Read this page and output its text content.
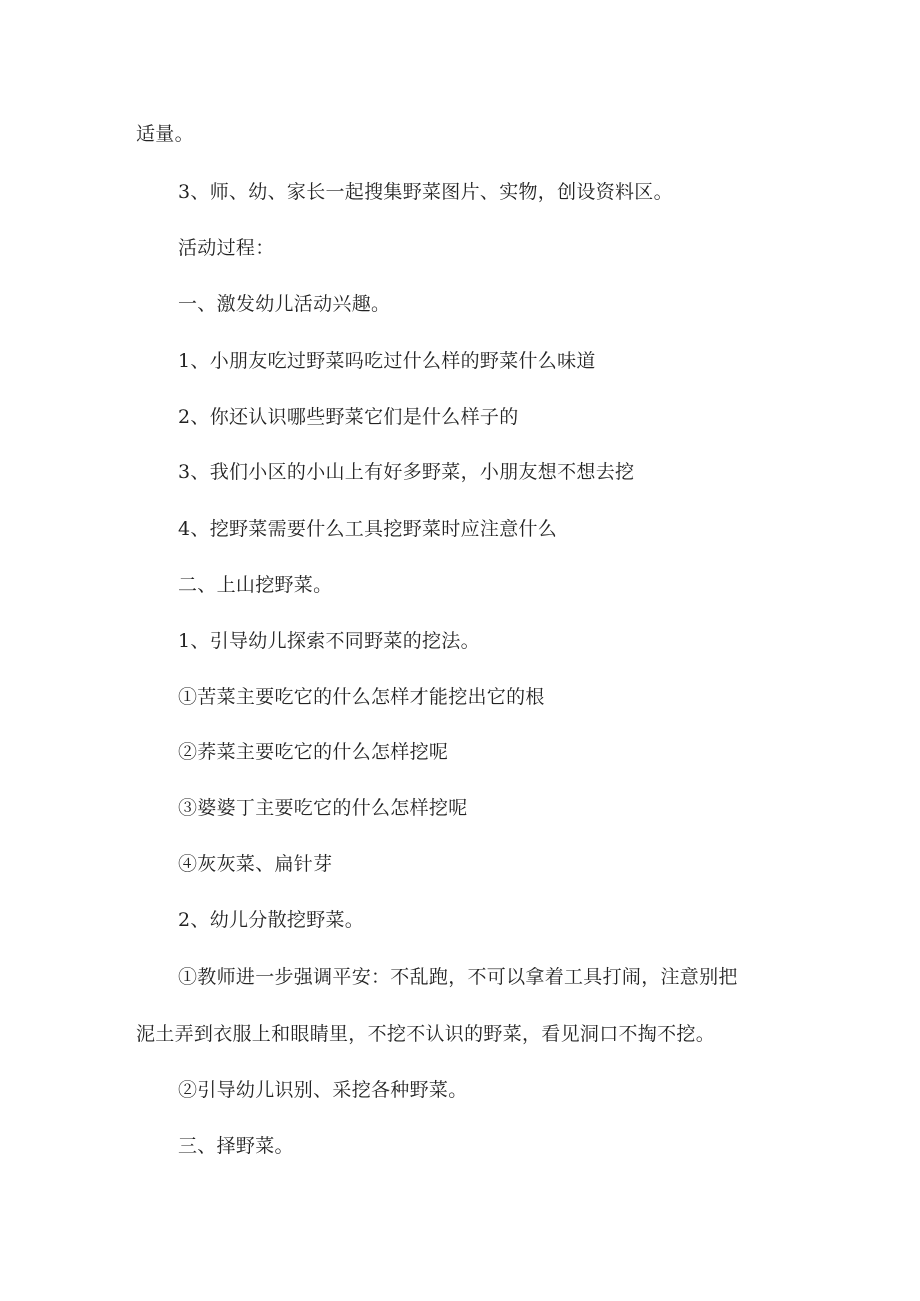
适量。
3、师、幼、家长一起搜集野菜图片、实物，创设资料区。
活动过程：
一、激发幼儿活动兴趣。
1、小朋友吃过野菜吗吃过什么样的野菜什么味道
2、你还认识哪些野菜它们是什么样子的
3、我们小区的小山上有好多野菜，小朋友想不想去挖
4、挖野菜需要什么工具挖野菜时应注意什么
二、上山挖野菜。
1、引导幼儿探索不同野菜的挖法。
①苦菜主要吃它的什么怎样才能挖出它的根
②荞菜主要吃它的什么怎样挖呢
③婆婆丁主要吃它的什么怎样挖呢
④灰灰菜、扁针芽
2、幼儿分散挖野菜。
①教师进一步强调平安：不乱跑，不可以拿着工具打闹，注意别把
泥土弄到衣服上和眼睛里，不挖不认识的野菜，看见洞口不掏不挖。
②引导幼儿识别、采挖各种野菜。
三、择野菜。
